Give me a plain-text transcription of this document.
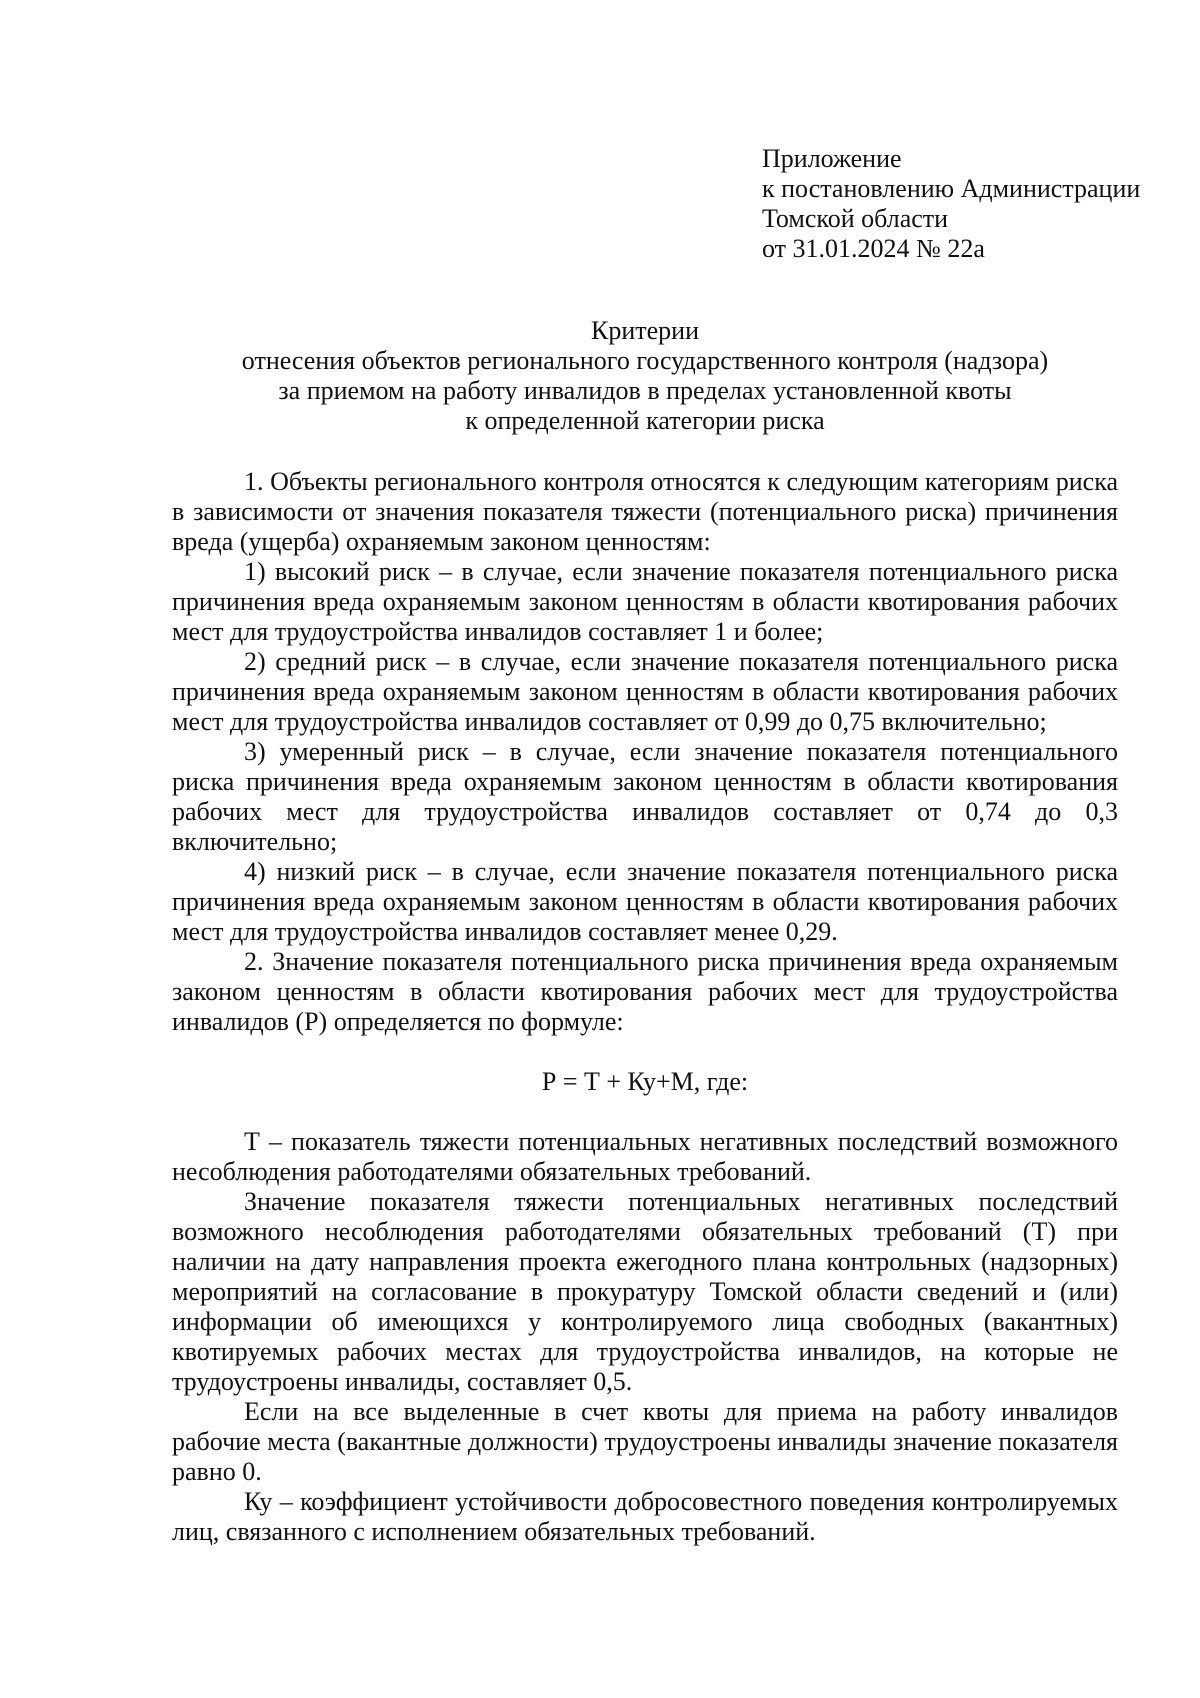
Приложение
к постановлению Администрации
Томской области
от 31.01.2024 № 22а
Критерии
отнесения объектов регионального государственного контроля (надзора)
за приемом на работу инвалидов в пределах установленной квоты
к определенной категории риска

1. Объекты регионального контроля относятся к следующим категориям риска в зависимости от значения показателя тяжести (потенциального риска) причинения вреда (ущерба) охраняемым законом ценностям:

1) высокий риск – в случае, если значение показателя потенциального риска причинения вреда охраняемым законом ценностям в области квотирования рабочих мест для трудоустройства инвалидов составляет 1 и более;

2) средний риск – в случае, если значение показателя потенциального риска причинения вреда охраняемым законом ценностям в области квотирования рабочих мест для трудоустройства инвалидов составляет от 0,99 до 0,75 включительно;

3) умеренный риск – в случае, если значение показателя потенциального риска причинения вреда охраняемым законом ценностям в области квотирования рабочих мест для трудоустройства инвалидов составляет от 0,74 до 0,3 включительно;

4) низкий риск – в случае, если значение показателя потенциального риска причинения вреда охраняемым законом ценностям в области квотирования рабочих мест для трудоустройства инвалидов составляет менее 0,29.

2. Значение показателя потенциального риска причинения вреда охраняемым законом ценностям в области квотирования рабочих мест для трудоустройства инвалидов (Р) определяется по формуле:

Р = Т + Ку+М, где:

Т – показатель тяжести потенциальных негативных последствий возможного несоблюдения работодателями обязательных требований.

Значение показателя тяжести потенциальных негативных последствий возможного несоблюдения работодателями обязательных требований (Т) при наличии на дату направления проекта ежегодного плана контрольных (надзорных) мероприятий на согласование в прокуратуру Томской области сведений и (или) информации об имеющихся у контролируемого лица свободных (вакантных) квотируемых рабочих местах для трудоустройства инвалидов, на которые не трудоустроены инвалиды, составляет 0,5.

Если на все выделенные в счет квоты для приема на работу инвалидов рабочие места (вакантные должности) трудоустроены инвалиды значение показателя равно 0.

Ку – коэффициент устойчивости добросовестного поведения контролируемых лиц, связанного с исполнением обязательных требований.
